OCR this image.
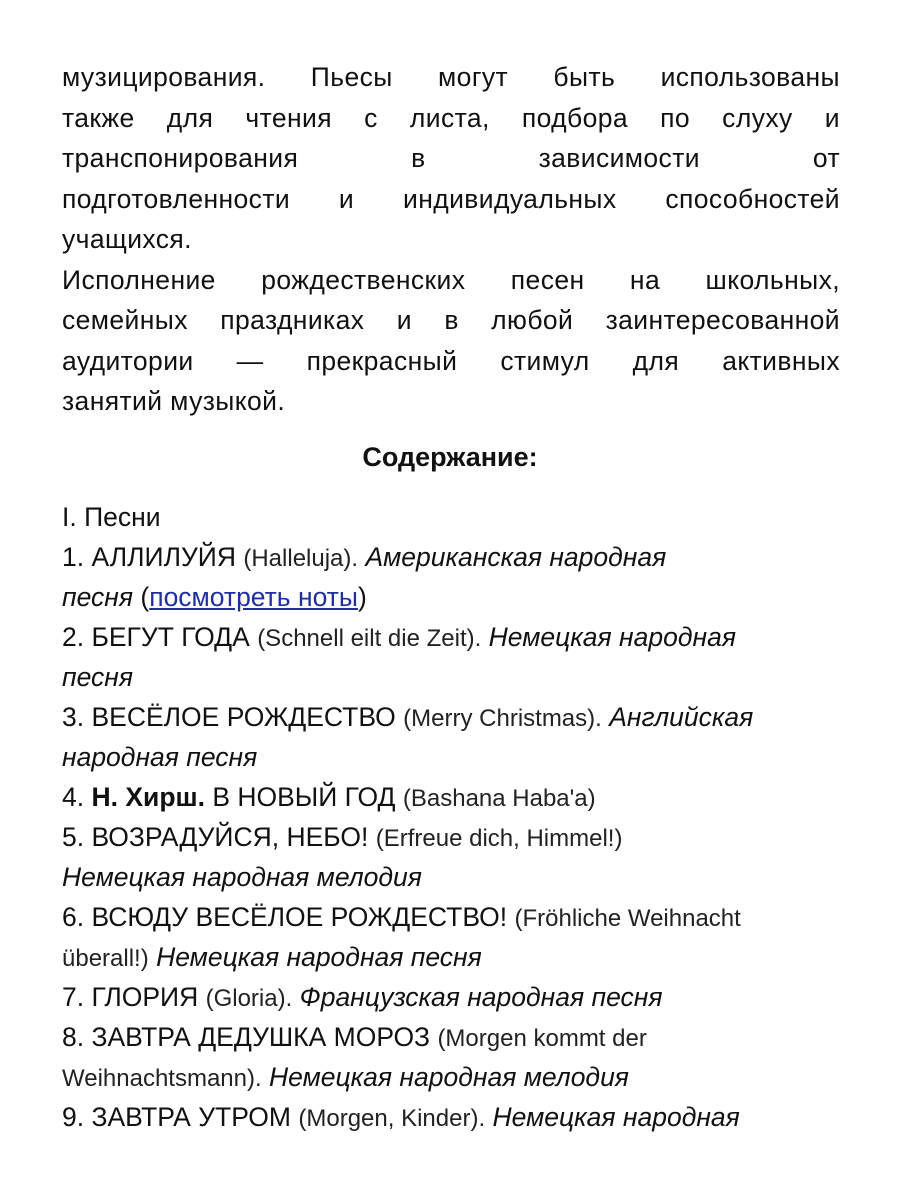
музицирования. Пьесы могут быть использованы
также для чтения с листа, подбора по слуху и
транспонирования в зависимости от
подготовленности и индивидуальных способностей
учащихся.
Исполнение рождественских песен на школьных,
семейных праздниках и в любой заинтересованной
аудитории — прекрасный стимул для активных
занятий музыкой.
Содержание:
I. Песни
1. АЛЛИЛУЙЯ (Halleluja). Американская народная
песня (посмотреть ноты)
2. БЕГУТ ГОДА (Schnell eilt die Zeit). Немецкая народная
песня
3. ВЕСЁЛОЕ РОЖДЕСТВО (Merry Christmas). Английская
народная песня
4. Н. Хирш. В НОВЫЙ ГОД (Bashana Haba'a)
5. ВОЗРАДУЙСЯ, НЕБО! (Erfreue dich, Himmel!)
Немецкая народная мелодия
6. ВСЮДУ ВЕСЁЛОЕ РОЖДЕСТВО! (Fröhliche Weihnacht
überall!) Немецкая народная песня
7. ГЛОРИЯ (Gloria). Французская народная песня
8. ЗАВТРА ДЕДУШКА МОРОЗ (Morgen kommt der
Weihnachtsmann). Немецкая народная мелодия
9. ЗАВТРА УТРОМ (Morgen, Kinder). Немецкая народная
